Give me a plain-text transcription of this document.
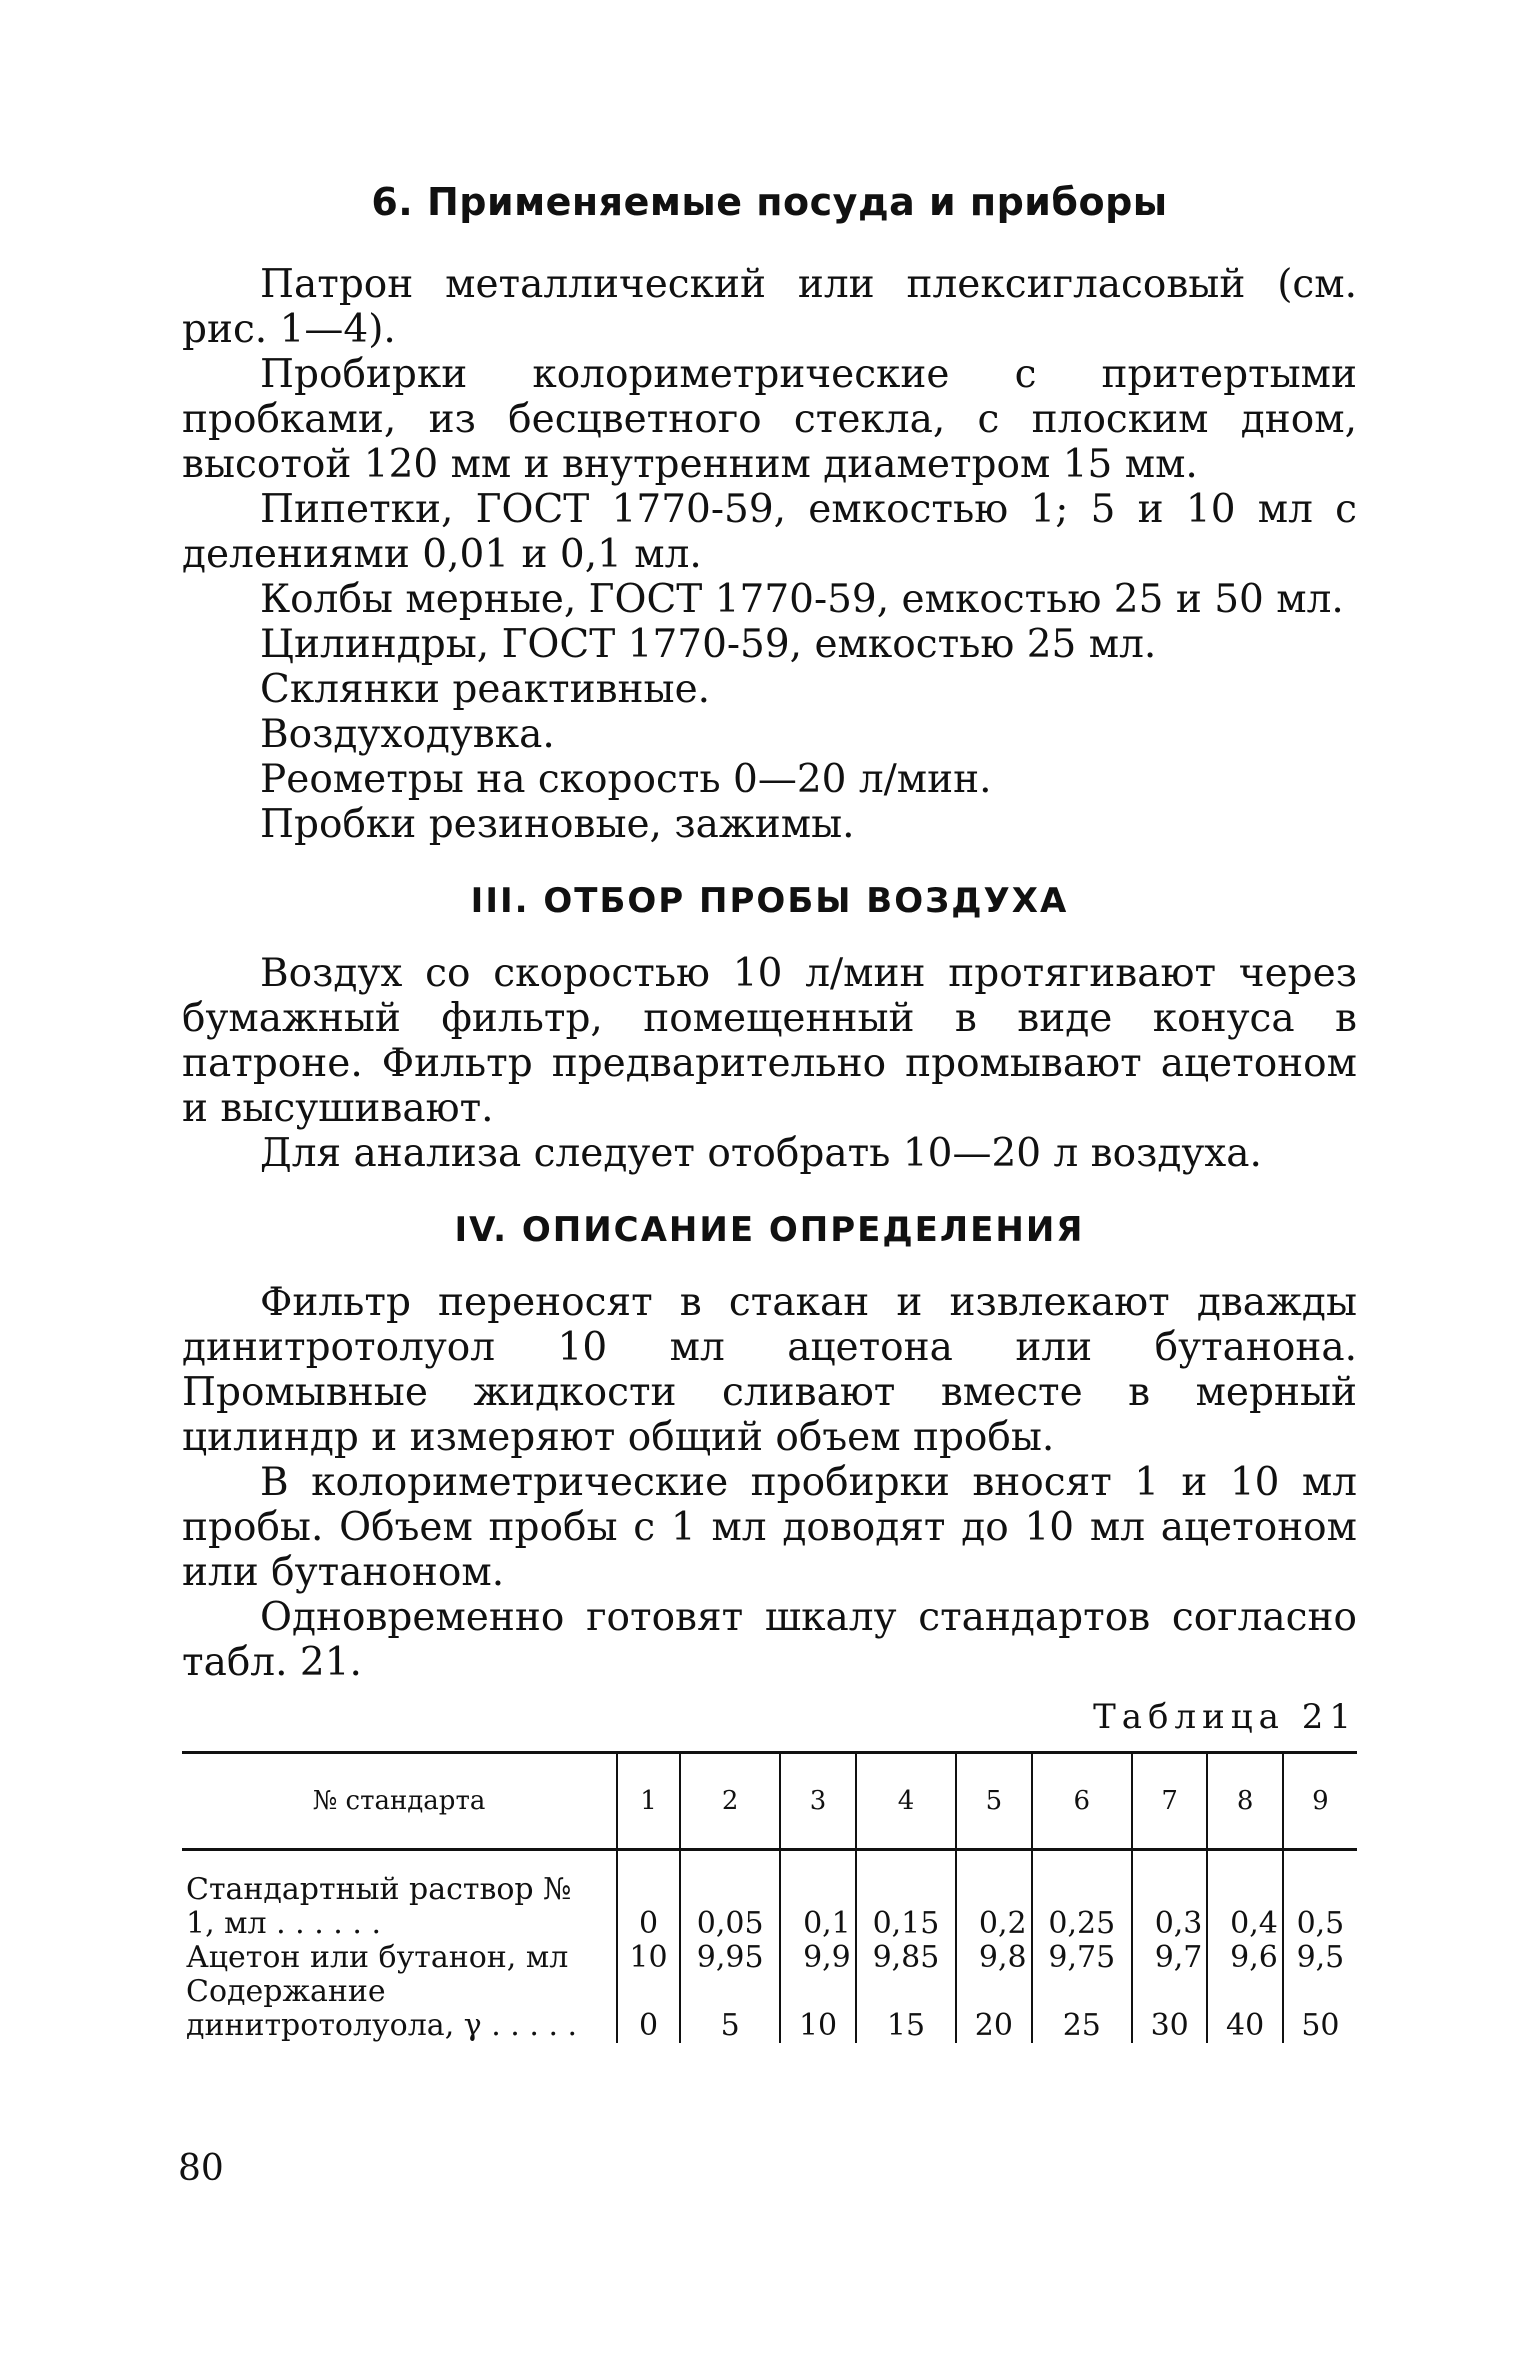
6. Применяемые посуда и приборы

Патрон металлический или плексигласовый (см. рис. 1—4).

Пробирки колориметрические с притертыми пробками, из бесцветного стекла, с плоским дном, высотой 120 мм и внутренним диаметром 15 мм.

Пипетки, ГОСТ 1770-59, емкостью 1; 5 и 10 мл с делениями 0,01 и 0,1 мл.

Колбы мерные, ГОСТ 1770-59, емкостью 25 и 50 мл.

Цилиндры, ГОСТ 1770-59, емкостью 25 мл.

Склянки реактивные.

Воздуходувка.

Реометры на скорость 0—20 л/мин.

Пробки резиновые, зажимы.

III. ОТБОР ПРОБЫ ВОЗДУХА

Воздух со скоростью 10 л/мин протягивают через бумажный фильтр, помещенный в виде конуса в патроне. Фильтр предварительно промывают ацетоном и высушивают.

Для анализа следует отобрать 10—20 л воздуха.

IV. ОПИСАНИЕ ОПРЕДЕЛЕНИЯ

Фильтр переносят в стакан и извлекают дважды динитротолуол 10 мл ацетона или бутанона. Промывные жидкости сливают вместе в мерный цилиндр и измеряют общий объем пробы.

В колориметрические пробирки вносят 1 и 10 мл пробы. Объем пробы с 1 мл доводят до 10 мл ацетоном или бутаноном.

Одновременно готовят шкалу стандартов согласно табл. 21.

Таблица 21
№ стандарта	1	2	3	4	5	6	7	8	9

Стандартный раствор № 1, мл . . . . . .	0	0,05	0,1	0,15	0,2	0,25	0,3	0,4	0,5
Ацетон или бутанон, мл	10	9,95	9,9	9,85	9,8	9,75	9,7	9,6	9,5
Содержание динитротолуола, γ . . . . .	0	5	10	15	20	25	30	40	50
80
